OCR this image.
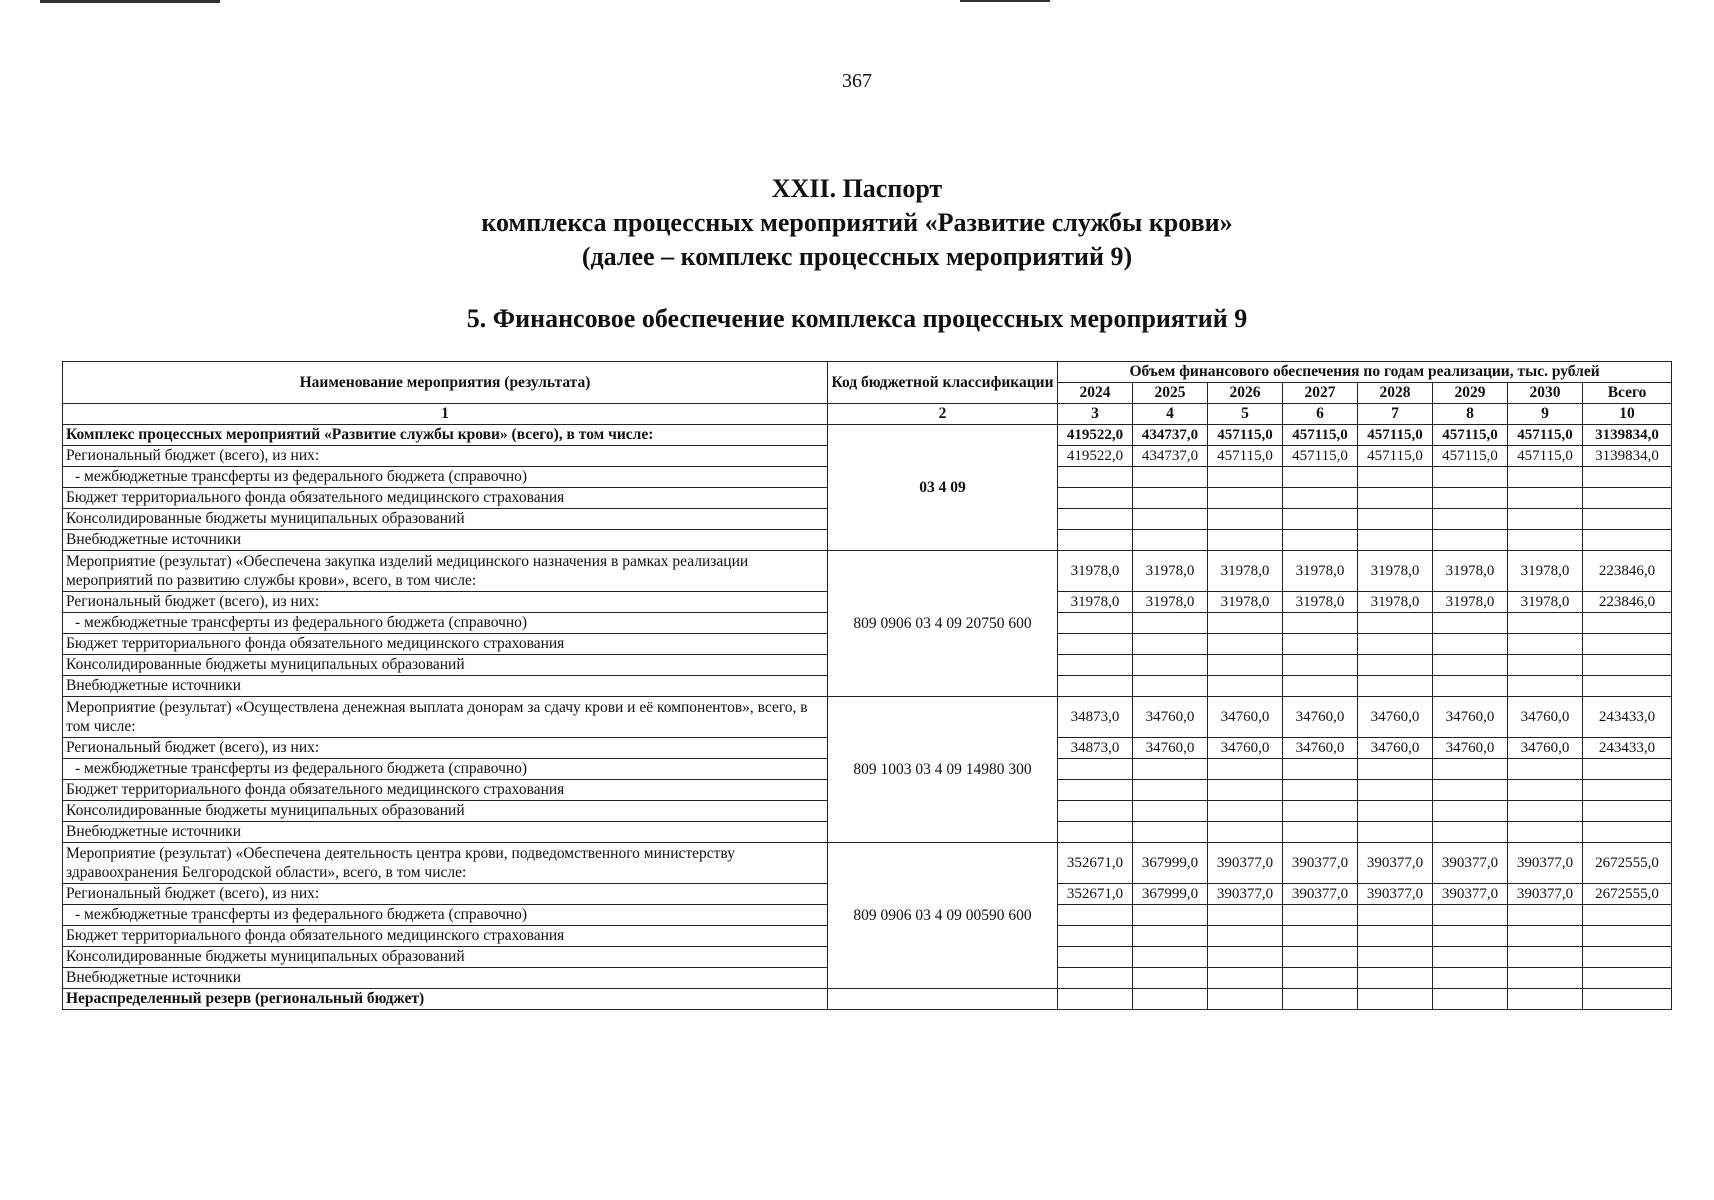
367
XXII. Паспорт
комплекса процессных мероприятий «Развитие службы крови»
(далее – комплекс процессных мероприятий 9)
5. Финансовое обеспечение комплекса процессных мероприятий 9
Наименование мероприятия (результата)	Код бюджетной классификации	Объем финансового обеспечения по годам реализации, тыс. рублей							
		2024	2025	2026	2027	2028	2029	2030	Всего
1	2	3	4	5	6	7	8	9	10
Комплекс процессных мероприятий «Развитие службы крови» (всего), в том числе:	03 4 09	419522,0	434737,0	457115,0	457115,0	457115,0	457115,0	457115,0	3139834,0
Региональный бюджет (всего), из них:		419522,0	434737,0	457115,0	457115,0	457115,0	457115,0	457115,0	3139834,0
- межбюджетные трансферты из федерального бюджета (справочно)									
Бюджет территориального фонда обязательного медицинского страхования									
Консолидированные бюджеты муниципальных образований									
Внебюджетные источники									
Мероприятие (результат) «Обеспечена закупка изделий медицинского назначения в рамках реализации мероприятий по развитию службы крови», всего, в том числе:	809 0906 03 4 09 20750 600	31978,0	31978,0	31978,0	31978,0	31978,0	31978,0	31978,0	223846,0
Региональный бюджет (всего), из них:		31978,0	31978,0	31978,0	31978,0	31978,0	31978,0	31978,0	223846,0
- межбюджетные трансферты из федерального бюджета (справочно)									
Бюджет территориального фонда обязательного медицинского страхования									
Консолидированные бюджеты муниципальных образований									
Внебюджетные источники									
Мероприятие (результат) «Осуществлена денежная выплата донорам за сдачу крови и её компонентов», всего, в том числе:	809 1003 03 4 09 14980 300	34873,0	34760,0	34760,0	34760,0	34760,0	34760,0	34760,0	243433,0
Региональный бюджет (всего), из них:		34873,0	34760,0	34760,0	34760,0	34760,0	34760,0	34760,0	243433,0
- межбюджетные трансферты из федерального бюджета (справочно)									
Бюджет территориального фонда обязательного медицинского страхования									
Консолидированные бюджеты муниципальных образований									
Внебюджетные источники									
Мероприятие (результат) «Обеспечена деятельность центра крови, подведомственного министерству здравоохранения Белгородской области», всего, в том числе:	809 0906 03 4 09 00590 600	352671,0	367999,0	390377,0	390377,0	390377,0	390377,0	390377,0	2672555,0
Региональный бюджет (всего), из них:		352671,0	367999,0	390377,0	390377,0	390377,0	390377,0	390377,0	2672555,0
- межбюджетные трансферты из федерального бюджета (справочно)									
Бюджет территориального фонда обязательного медицинского страхования									
Консолидированные бюджеты муниципальных образований									
Внебюджетные источники									
Нераспределенный резерв (региональный бюджет)									
